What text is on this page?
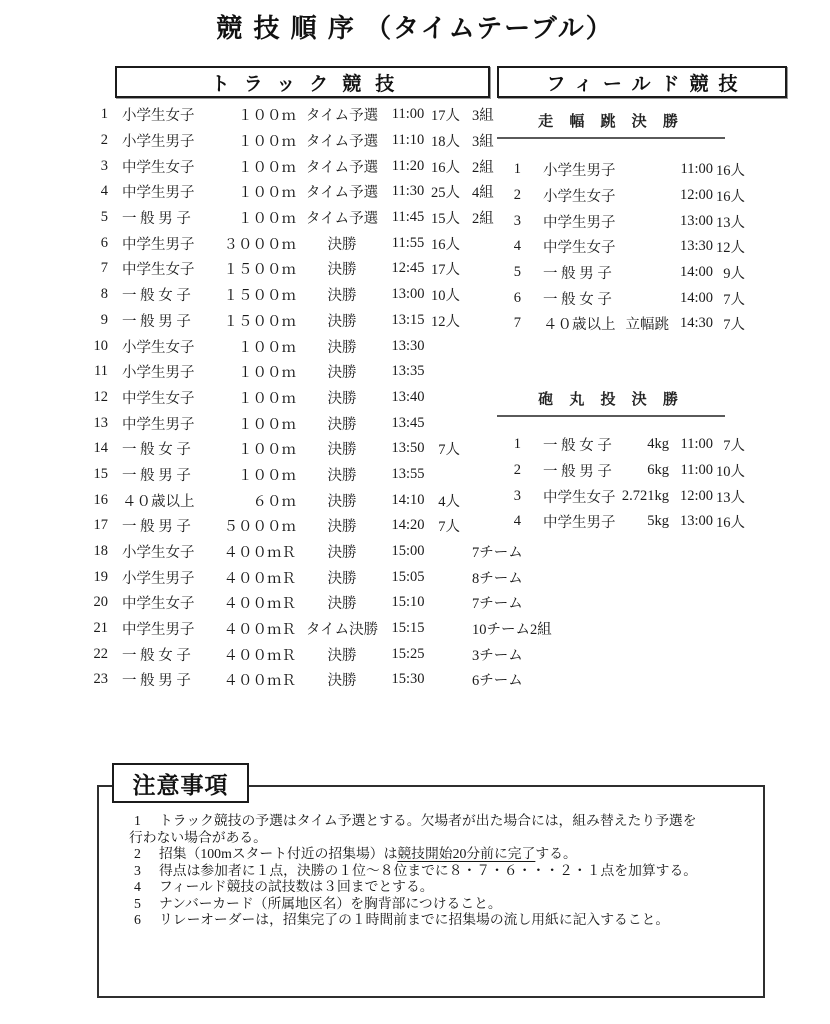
競 技 順 序 （タイムテーブル）
トラック競技	フィールド競技
1 小学生女子	１００ｍ タイム予選 11:00 17人 3組
2 小学生男子	１００ｍ タイム予選 11:10 18人 3組
3 中学生女子	１００ｍ タイム予選 11:20 16人 2組
4 中学生男子	１００ｍ タイム予選 11:30 25人 4組
5 一 般 男 子	１００ｍ タイム予選 11:45 15人 2組
6 中学生男子	３０００ｍ	決勝	11:55 16人
7 中学生女子	１５００ｍ	決勝	12:45 17人
8 一 般 女 子	１５００ｍ	決勝	13:00 10人
9 一 般 男 子	１５００ｍ	決勝	13:15 12人
10 小学生女子	１００ｍ	決勝	13:30
11 小学生男子	１００ｍ	決勝	13:35
12 中学生女子	１００ｍ	決勝	13:40
13 中学生男子	１００ｍ	決勝	13:45
14 一 般 女 子	１００ｍ	決勝	13:50 7人
15 一 般 男 子	１００ｍ	決勝	13:55
16 ４０歳以上	６０ｍ	決勝	14:10 4人
17 一 般 男 子	５０００ｍ	決勝	14:20 7人
18 小学生女子	４００ｍＲ	決勝	15:00	7チーム
19 小学生男子	４００ｍＲ	決勝	15:05	8チーム
20 中学生女子	４００ｍＲ	決勝	15:10	7チーム
21 中学生男子	４００ｍＲ タイム決勝 15:15	10チーム2組
22 一 般 女 子	４００ｍＲ	決勝	15:25	3チーム
23 一 般 男 子	４００ｍＲ	決勝	15:30	6チーム
走 幅 跳 決 勝
1	小学生男子	11:00 16人
2	小学生女子	12:00 16人
3	中学生男子	13:00 13人
4	中学生女子	13:30 12人
5	一 般 男 子	14:00 9人
6	一 般 女 子	14:00 7人
7	４０歳以上 立幅跳 14:30 7人
砲 丸 投 決 勝
1	一 般 女 子	4kg 11:00 7人
2	一 般 男 子	6kg 11:00 10人
3	中学生女子 2.721kg 12:00 13人
4	中学生男子	5kg 13:00 16人
1 トラック競技の予選はタイム予選とする。欠場者が出た場合には，組み替えたり予選を
行わない場合がある。
2 招集（100mスタート付近の招集場）は競技開始20分前に完了する。
3 得点は参加者に１点，決勝の１位～８位までに８・７・６・・・２・１点を加算する。
4 フィールド競技の試技数は３回までとする。
5 ナンバーカード（所属地区名）を胸背部につけること。
6 リレーオーダーは，招集完了の１時間前までに招集場の流し用紙に記入すること。
注意事項
